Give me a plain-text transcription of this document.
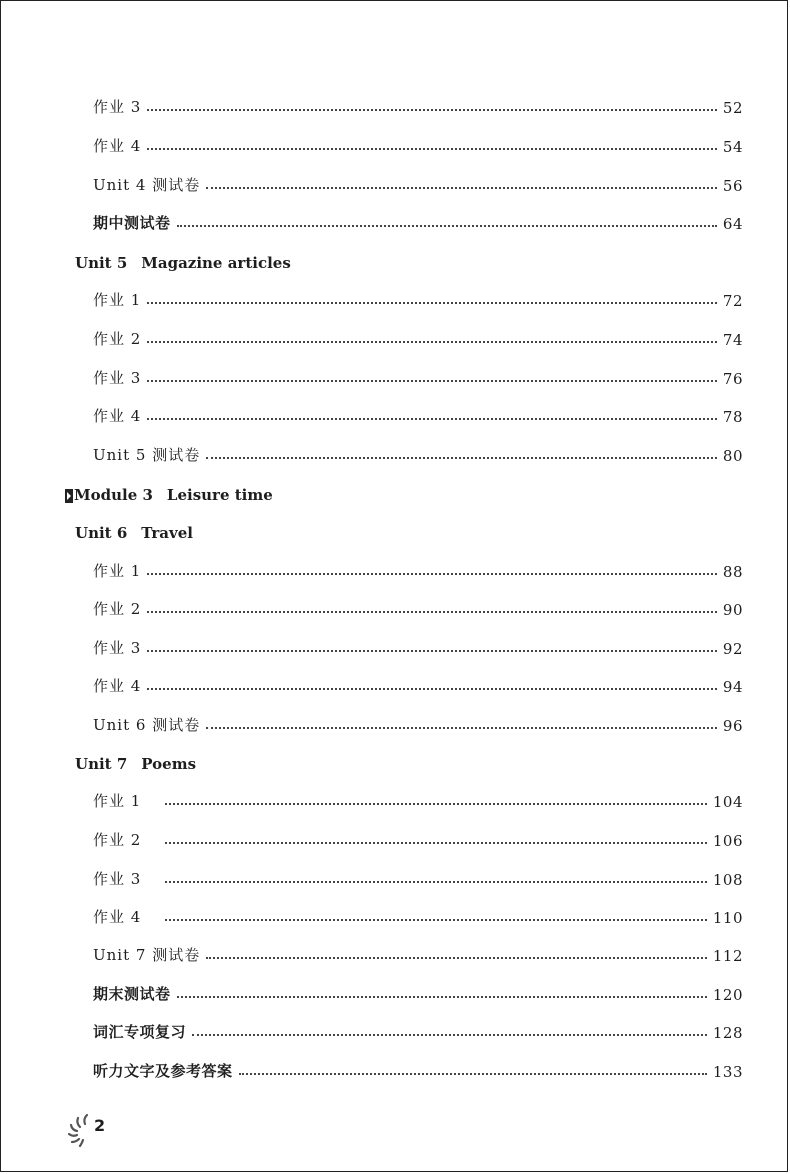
作业 3	52
作业 4	54
Unit 4 测试卷	56
期中测试卷	64
Unit 5 Magazine articles
作业 1	72
作业 2	74
作业 3	76
作业 4	78
Unit 5 测试卷	80
Module 3 Leisure time
Unit 6 Travel
作业 1	88
作业 2	90
作业 3	92
作业 4	94
Unit 6 测试卷	96
Unit 7 Poems
作业 1	104
作业 2	106
作业 3	108
作业 4	110
Unit 7 测试卷	112
期末测试卷	120
词汇专项复习	128
听力文字及参考答案	133
2
